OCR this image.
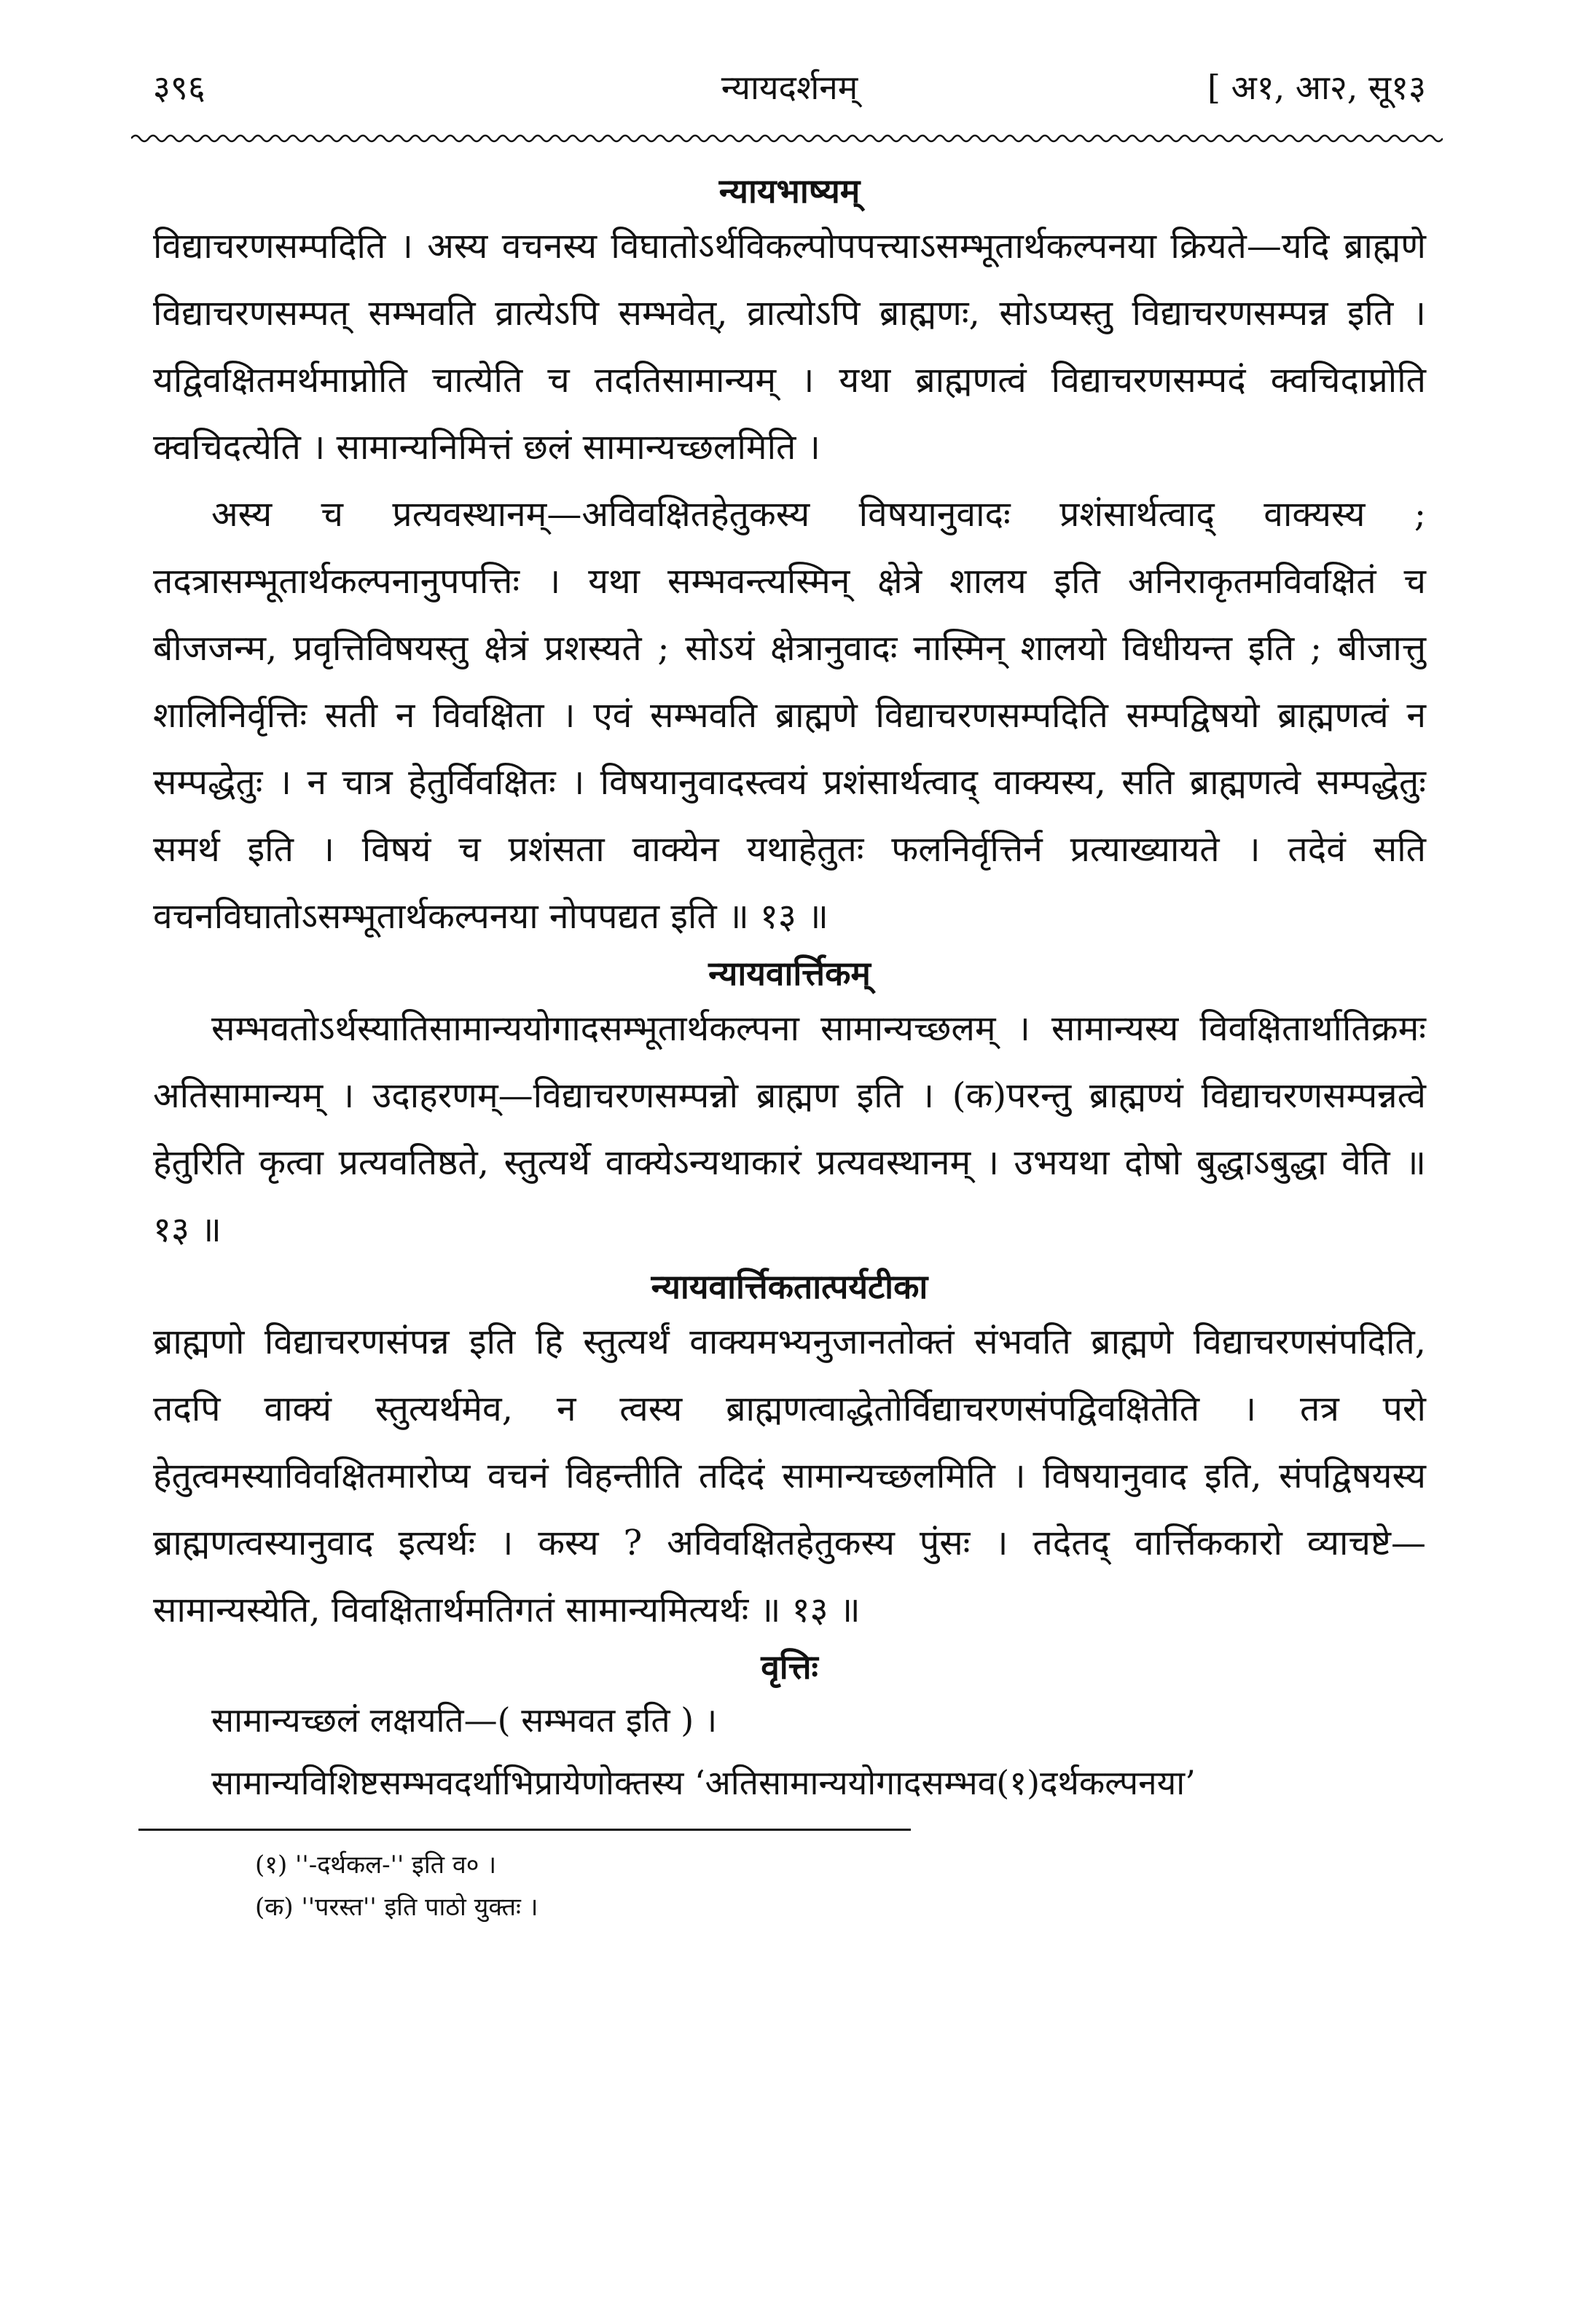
३९६	न्यायदर्शनम्	[ अ१, आ२, सू१३
न्यायभाष्यम्

विद्याचरणसम्पदिति । अस्य वचनस्य विघातोऽर्थविकल्पोपपत्त्याऽसम्भूतार्थकल्पनया क्रियते—यदि ब्राह्मणे विद्याचरणसम्पत् सम्भवति व्रात्येऽपि सम्भवेत्, व्रात्योऽपि ब्राह्मणः, सोऽप्यस्तु विद्याचरणसम्पन्न इति । यद्विवक्षितमर्थमाप्नोति चात्येति च तदतिसामान्यम् । यथा ब्राह्मणत्वं विद्याचरणसम्पदं क्वचिदाप्नोति क्वचिदत्येति । सामान्यनिमित्तं छलं सामान्यच्छलमिति ।

अस्य च प्रत्यवस्थानम्—अविवक्षितहेतुकस्य विषयानुवादः प्रशंसार्थत्वाद् वाक्यस्य ; तदत्रासम्भूतार्थकल्पनानुपपत्तिः । यथा सम्भवन्त्यस्मिन् क्षेत्रे शालय इति अनिराकृतमविवक्षितं च बीजजन्म, प्रवृत्तिविषयस्तु क्षेत्रं प्रशस्यते ; सोऽयं क्षेत्रानुवादः नास्मिन् शालयो विधीयन्त इति ; बीजात्तु शालिनिर्वृत्तिः सती न विवक्षिता । एवं सम्भवति ब्राह्मणे विद्याचरणसम्पदिति सम्पद्विषयो ब्राह्मणत्वं न सम्पद्धेतुः । न चात्र हेतुर्विवक्षितः । विषयानुवादस्त्वयं प्रशंसार्थत्वाद् वाक्यस्य, सति ब्राह्मणत्वे सम्पद्धेतुः समर्थ इति । विषयं च प्रशंसता वाक्येन यथाहेतुतः फलनिर्वृत्तिर्न प्रत्याख्यायते । तदेवं सति वचनविघातोऽसम्भूतार्थकल्पनया नोपपद्यत इति ॥ १३ ॥

न्यायवार्त्तिकम्

सम्भवतोऽर्थस्यातिसामान्ययोगादसम्भूतार्थकल्पना सामान्यच्छलम् । सामान्यस्य विवक्षितार्थातिक्रमः अतिसामान्यम् । उदाहरणम्—विद्याचरणसम्पन्नो ब्राह्मण इति । (क)परन्तु ब्राह्मण्यं विद्याचरणसम्पन्नत्वे हेतुरिति कृत्वा प्रत्यवतिष्ठते, स्तुत्यर्थे वाक्येऽन्यथाकारं प्रत्यवस्थानम् । उभयथा दोषो बुद्धाऽबुद्धा वेति ॥ १३ ॥

न्यायवार्त्तिकतात्पर्यटीका

ब्राह्मणो विद्याचरणसंपन्न इति हि स्तुत्यर्थं वाक्यमभ्यनुजानतोक्तं संभवति ब्राह्मणे विद्याचरणसंपदिति, तदपि वाक्यं स्तुत्यर्थमेव, न त्वस्य ब्राह्मणत्वाद्धेतोर्विद्याचरणसंपद्विवक्षितेति । तत्र परो हेतुत्वमस्याविवक्षितमारोप्य वचनं विहन्तीति तदिदं सामान्यच्छलमिति । विषयानुवाद इति, संपद्विषयस्य ब्राह्मणत्वस्यानुवाद इत्यर्थः । कस्य ? अविवक्षितहेतुकस्य पुंसः । तदेतद् वार्त्तिककारो व्याचष्टे—सामान्यस्येति, विवक्षितार्थमतिगतं सामान्यमित्यर्थः ॥ १३ ॥

वृत्तिः

सामान्यच्छलं लक्षयति—( सम्भवत इति ) ।

सामान्यविशिष्टसम्भवदर्थाभिप्रायेणोक्तस्य ‘अतिसामान्ययोगादसम्भव(१)दर्थकल्पनया’

(१) ''-दर्थकल-'' इति व० ।

(क) ''परस्त'' इति पाठो युक्तः ।
